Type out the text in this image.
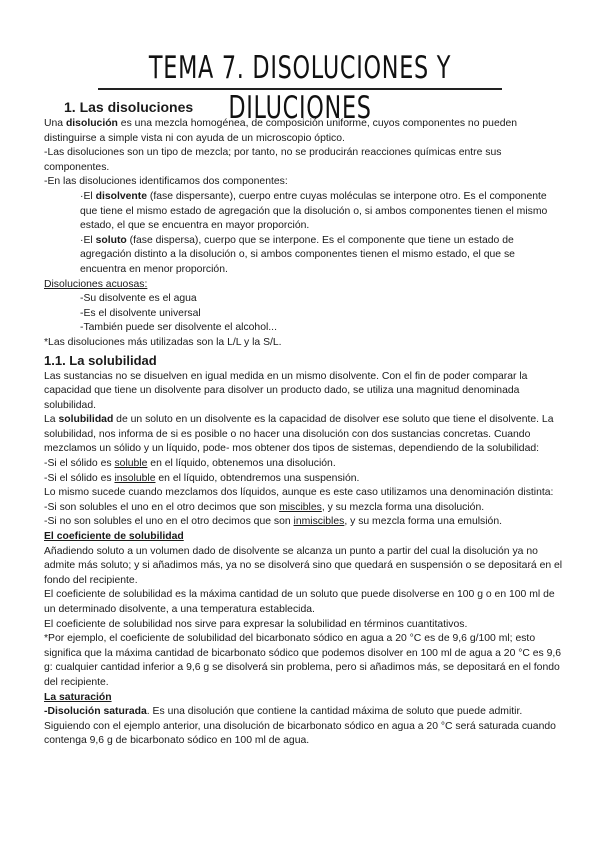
TEMA 7. DISOLUCIONES Y DILUCIONES
1. Las disoluciones

Una disolución es una mezcla homogénea, de composición uniforme, cuyos componentes no pueden distinguirse a simple vista ni con ayuda de un microscopio óptico.

-Las disoluciones son un tipo de mezcla; por tanto, no se producirán reacciones químicas entre sus componentes.

-En las disoluciones identificamos dos componentes:

·El disolvente (fase dispersante), cuerpo entre cuyas moléculas se interpone otro. Es el componente que tiene el mismo estado de agregación que la disolución o, si ambos componentes tienen el mismo estado, el que se encuentra en mayor proporción.

·El soluto (fase dispersa), cuerpo que se interpone. Es el componente que tiene un estado de agregación distinto a la disolución o, si ambos componentes tienen el mismo estado, el que se encuentra en menor proporción.

Disoluciones acuosas:

-Su disolvente es el agua

-Es el disolvente universal

-También puede ser disolvente el alcohol...

*Las disoluciones más utilizadas son la L/L y la S/L.

1.1. La solubilidad

Las sustancias no se disuelven en igual medida en un mismo disolvente. Con el fin de poder comparar la capacidad que tiene un disolvente para disolver un producto dado, se utiliza una magnitud denominada solubilidad.

La solubilidad de un soluto en un disolvente es la capacidad de disolver ese soluto que tiene el disolvente. La solubilidad, nos informa de si es posible o no hacer una disolución con dos sustancias concretas. Cuando mezclamos un sólido y un líquido, pode- mos obtener dos tipos de sistemas, dependiendo de la solubilidad:

-Si el sólido es soluble en el líquido, obtenemos una disolución.

-Si el sólido es insoluble en el líquido, obtendremos una suspensión.

Lo mismo sucede cuando mezclamos dos líquidos, aunque es este caso utilizamos una denominación distinta:

-Si son solubles el uno en el otro decimos que son miscibles, y su mezcla forma una disolución.

-Si no son solubles el uno en el otro decimos que son inmiscibles, y su mezcla forma una emulsión.

El coeficiente de solubilidad

Añadiendo soluto a un volumen dado de disolvente se alcanza un punto a partir del cual la disolución ya no admite más soluto; y si añadimos más, ya no se disolverá sino que quedará en suspensión o se depositará en el fondo del recipiente.

El coeficiente de solubilidad es la máxima cantidad de un soluto que puede disolverse en 100 g o en 100 ml de un determinado disolvente, a una temperatura establecida.

El coeficiente de solubilidad nos sirve para expresar la solubilidad en términos cuantitativos.

*Por ejemplo, el coeficiente de solubilidad del bicarbonato sódico en agua a 20 °C es de 9,6 g/100 ml; esto significa que la máxima cantidad de bicarbonato sódico que podemos disolver en 100 ml de agua a 20 °C es 9,6 g: cualquier cantidad inferior a 9,6 g se disolverá sin problema, pero si añadimos más, se depositará en el fondo del recipiente.

La saturación

-Disolución saturada. Es una disolución que contiene la cantidad máxima de soluto que puede admitir. Siguiendo con el ejemplo anterior, una disolución de bicarbonato sódico en agua a 20 °C será saturada cuando contenga 9,6 g de bicarbonato sódico en 100 ml de agua.
